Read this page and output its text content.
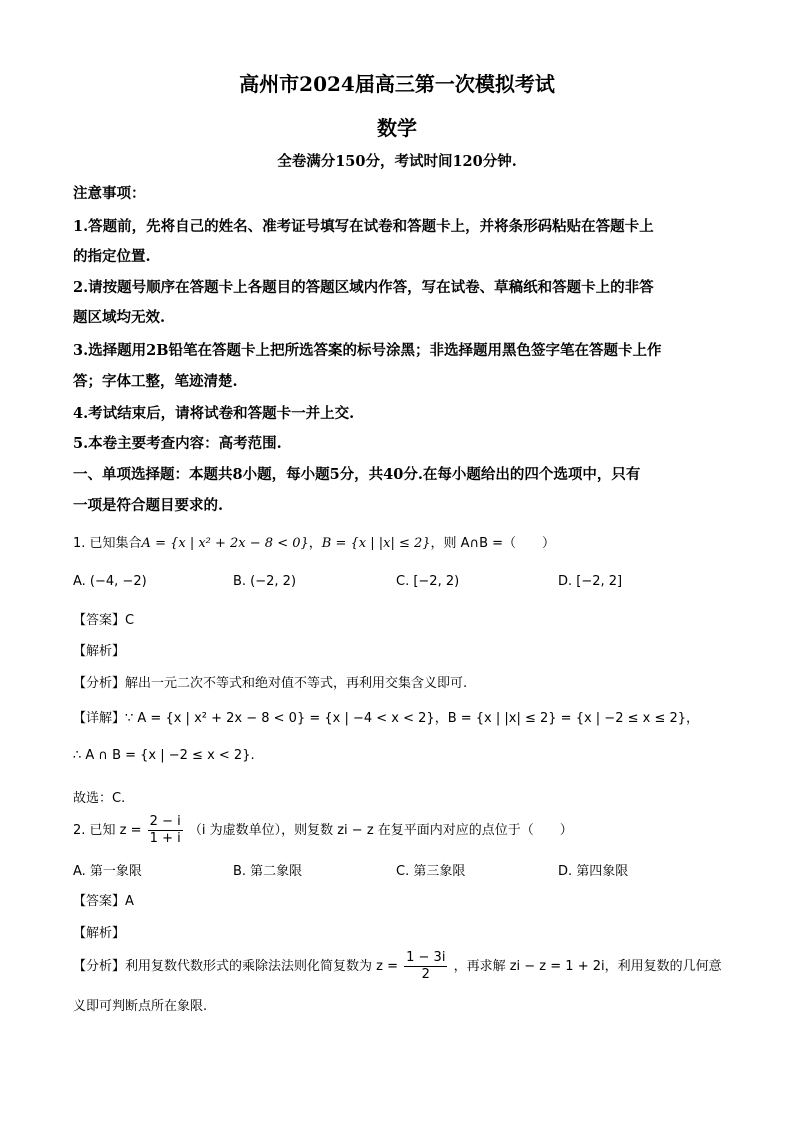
高州市2024届高三第一次模拟考试
数学
全卷满分150分，考试时间120分钟.
注意事项：
1.答题前，先将自己的姓名、准考证号填写在试卷和答题卡上，并将条形码粘贴在答题卡上
的指定位置.
2.请按题号顺序在答题卡上各题目的答题区域内作答，写在试卷、草稿纸和答题卡上的非答
题区域均无效.
3.选择题用2B铅笔在答题卡上把所选答案的标号涂黑；非选择题用黑色签字笔在答题卡上作
答；字体工整，笔迹清楚.
4.考试结束后，请将试卷和答题卡一并上交.
5.本卷主要考查内容：高考范围.
一、单项选择题：本题共8小题，每小题5分，共40分.在每小题给出的四个选项中，只有
一项是符合题目要求的.
1. 已知集合A = {x | x² + 2x − 8 < 0}，B = {x | |x| ≤ 2}，则 A∩B =（　　）
A. (−4, −2)	B. (−2, 2)	C. [−2, 2)	D. [−2, 2]
【答案】C
【解析】
【分析】解出一元二次不等式和绝对值不等式，再利用交集含义即可.
【详解】∵ A = {x | x² + 2x − 8 < 0} = {x | −4 < x < 2}，B = {x | |x| ≤ 2} = {x | −2 ≤ x ≤ 2}，
∴ A ∩ B = {x | −2 ≤ x < 2}.
故选：C.
2. 已知 $z = \frac{2 - i}{1 + i} (i$ 为虚数单位），则复数 zi − z 在复平面内对应的点位于（　　）
A. 第一象限	B. 第二象限	C. 第三象限	D. 第四象限
【答案】A
【解析】
【分析】利用复数代数形式的乘除法法则化简复数为 $z = \frac{1 - 3i}{2}$ ，再求解 zi − z = 1 + 2i，利用复数的几何意
义即可判断点所在象限.
